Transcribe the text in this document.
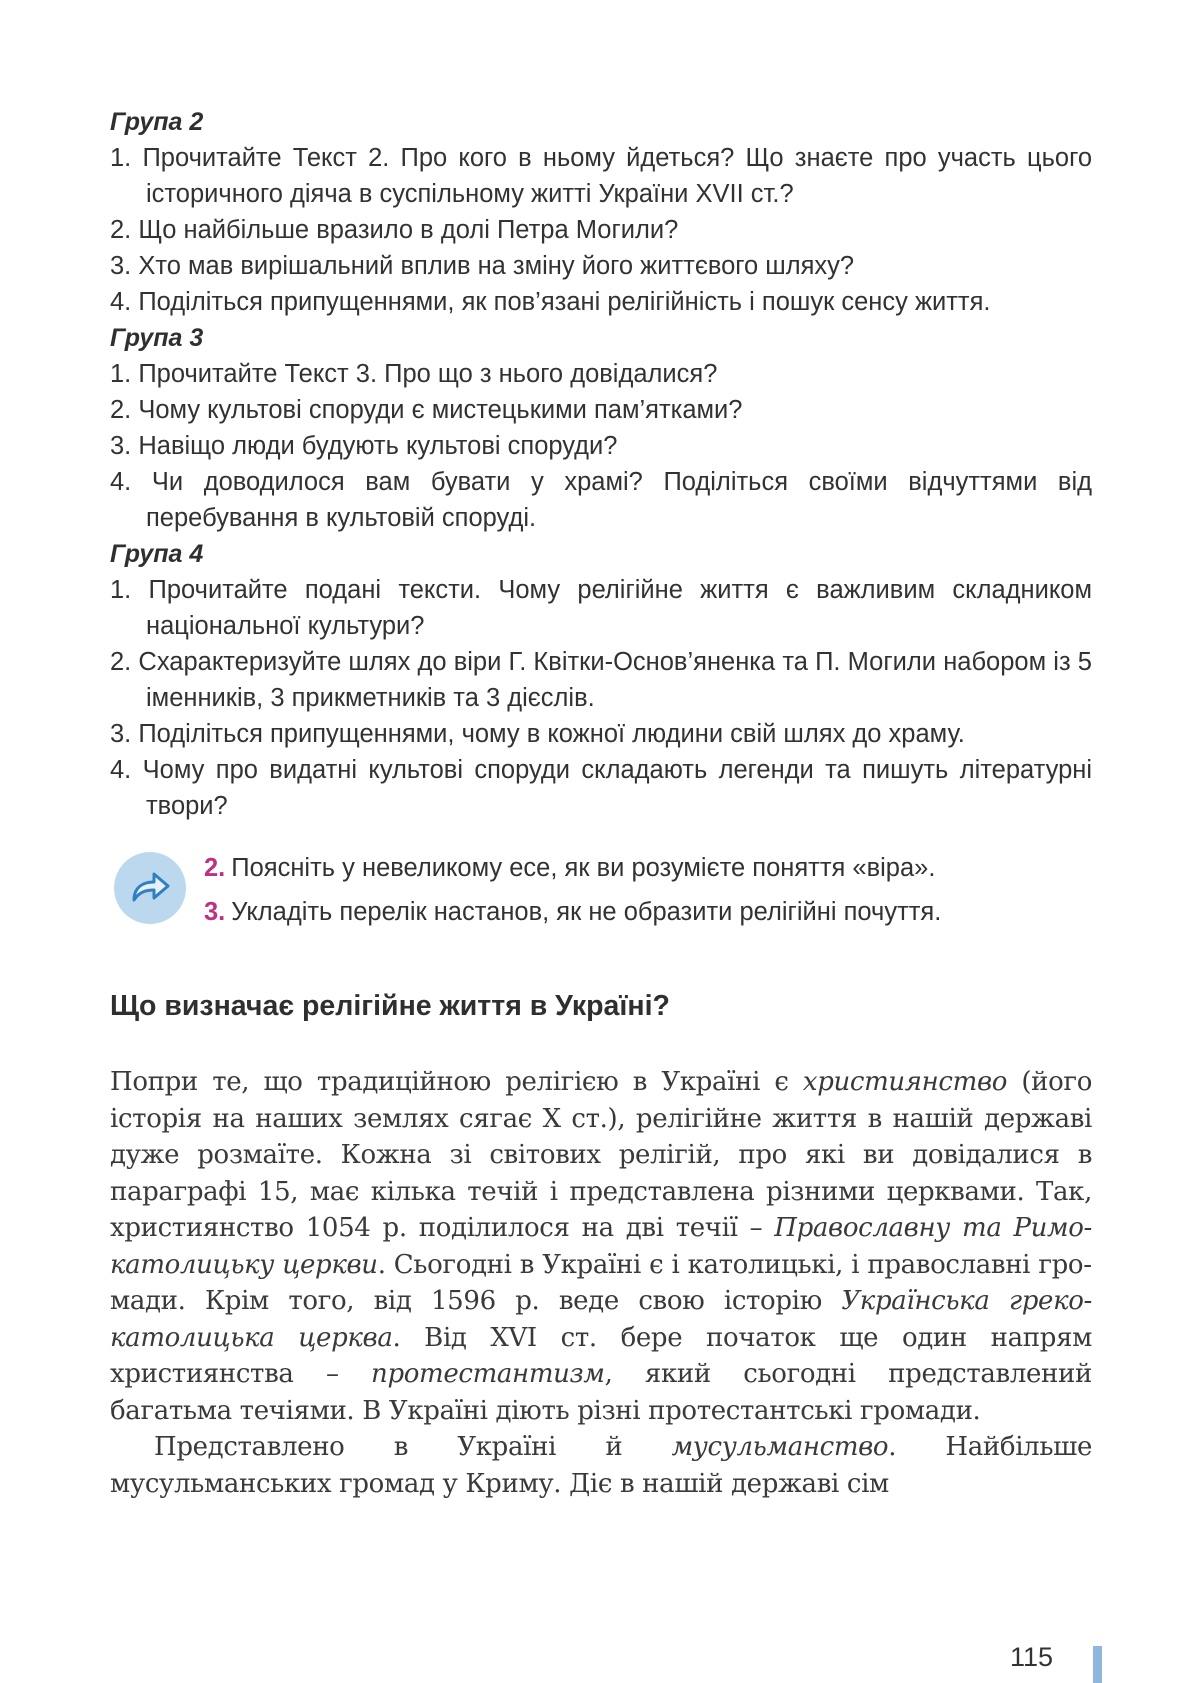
Група 2
1. Прочитайте Текст 2. Про кого в ньому йдеться? Що знаєте про участь цього історичного діяча в суспільному житті України XVII ст.?
2. Що найбільше вразило в долі Петра Могили?
3. Хто мав вирішальний вплив на зміну його життєвого шляху?
4. Поділіться припущеннями, як пов’язані релігійність і пошук сенсу життя.
Група 3
1. Прочитайте Текст 3. Про що з нього довідалися?
2. Чому культові споруди є мистецькими пам’ятками?
3. Навіщо люди будують культові споруди?
4. Чи доводилося вам бувати у храмі? Поділіться своїми відчуттями від перебування в культовій споруді.
Група 4
1. Прочитайте подані тексти. Чому релігійне життя є важливим складником національної культури?
2. Схарактеризуйте шлях до віри Г. Квітки-Основ’яненка та П. Могили набором із 5 іменників, 3 прикметників та 3 дієслів.
3. Поділіться припущеннями, чому в кожної людини свій шлях до храму.
4. Чому про видатні культові споруди складають легенди та пишуть літературні твори?
2. Поясніть у невеликому есе, як ви розумієте поняття «віра».
3. Укладіть перелік настанов, як не образити релігійні почуття.
Що визначає релігійне життя в Україні?

Попри те, що традиційною релігією в Україні є християнство (його історія на наших землях сягає X ст.), релігійне життя в нашій державі дуже розмаїте. Кожна зі світових релігій, про які ви довідалися в параграфі 15, має кілька течій і представлена різними церквами. Так, християнство 1054 р. поділилося на дві течії – Православну та Римо-католицьку церкви. Сьогодні в Україні є і католицькі, і православні громади. Крім того, від 1596 р. веде свою історію Українська греко-католицька церква. Від XVI ст. бере початок ще один напрям християнства – протестантизм, який сьогодні представлений багатьма течіями. В Україні діють різні протестантські громади.

Представлено в Україні й мусульманство. Найбільше мусульманських громад у Криму. Діє в нашій державі сім

115
